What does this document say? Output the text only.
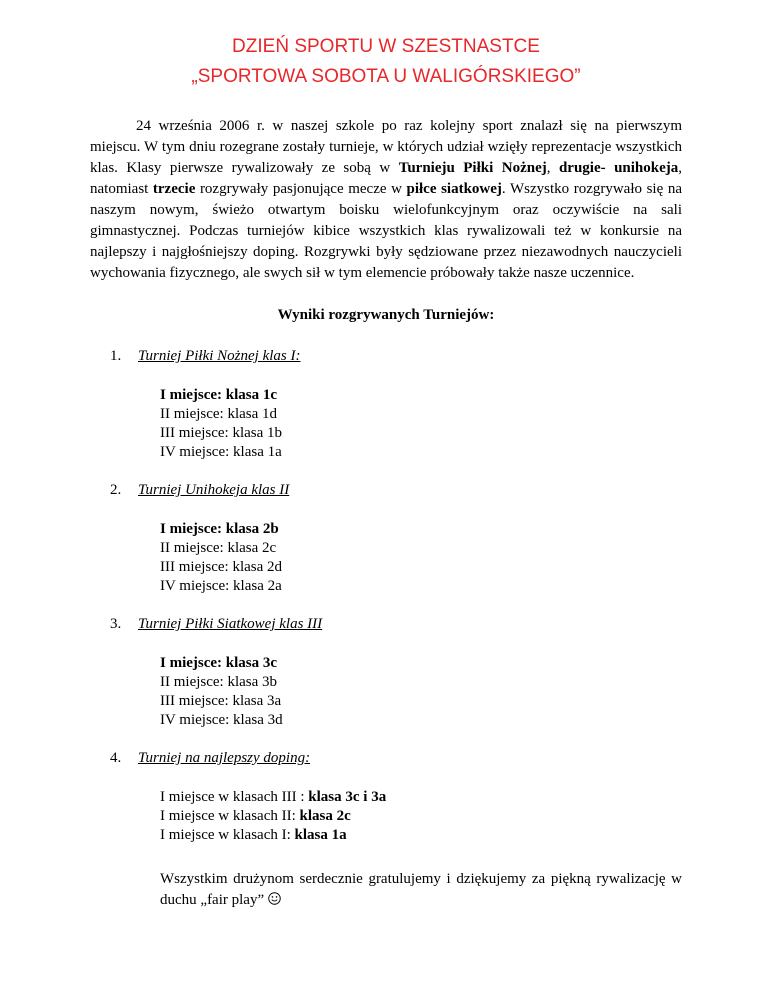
DZIEŃ SPORTU W SZESTNASTCE
„SPORTOWA SOBOTA U WALIGÓRSKIEGO”

24 września 2006 r. w naszej szkole po raz kolejny sport znalazł się na pierwszym miejscu. W tym dniu rozegrane zostały turnieje, w których udział wzięły reprezentacje wszystkich klas. Klasy pierwsze rywalizowały ze sobą w Turnieju Piłki Nożnej, drugie- unihokeja, natomiast trzecie rozgrywały pasjonujące mecze w piłce siatkowej. Wszystko rozgrywało się na naszym nowym, świeżo otwartym boisku wielofunkcyjnym oraz oczywiście na sali gimnastycznej. Podczas turniejów kibice wszystkich klas rywalizowali też w konkursie na najlepszy i najgłośniejszy doping. Rozgrywki były sędziowane przez niezawodnych nauczycieli wychowania fizycznego, ale swych sił w tym elemencie próbowały także nasze uczennice.

Wyniki rozgrywanych Turniejów:
1.	Turniej Piłki Nożnej klas I:
I miejsce: klasa 1c
II miejsce: klasa 1d
III miejsce: klasa 1b
IV miejsce: klasa 1a
2.	Turniej Unihokeja klas II
I miejsce: klasa 2b
II miejsce: klasa 2c
III miejsce: klasa 2d
IV miejsce: klasa 2a
3.	Turniej Piłki Siatkowej klas III
I miejsce: klasa 3c
II miejsce: klasa 3b
III miejsce: klasa 3a
IV miejsce: klasa 3d
4.	Turniej na najlepszy doping:
I miejsce w klasach III : klasa 3c i 3a
I miejsce w klasach II: klasa 2c
I miejsce w klasach I: klasa 1a
Wszystkim drużynom serdecznie gratulujemy i dziękujemy za piękną rywalizację w duchu „fair play”
